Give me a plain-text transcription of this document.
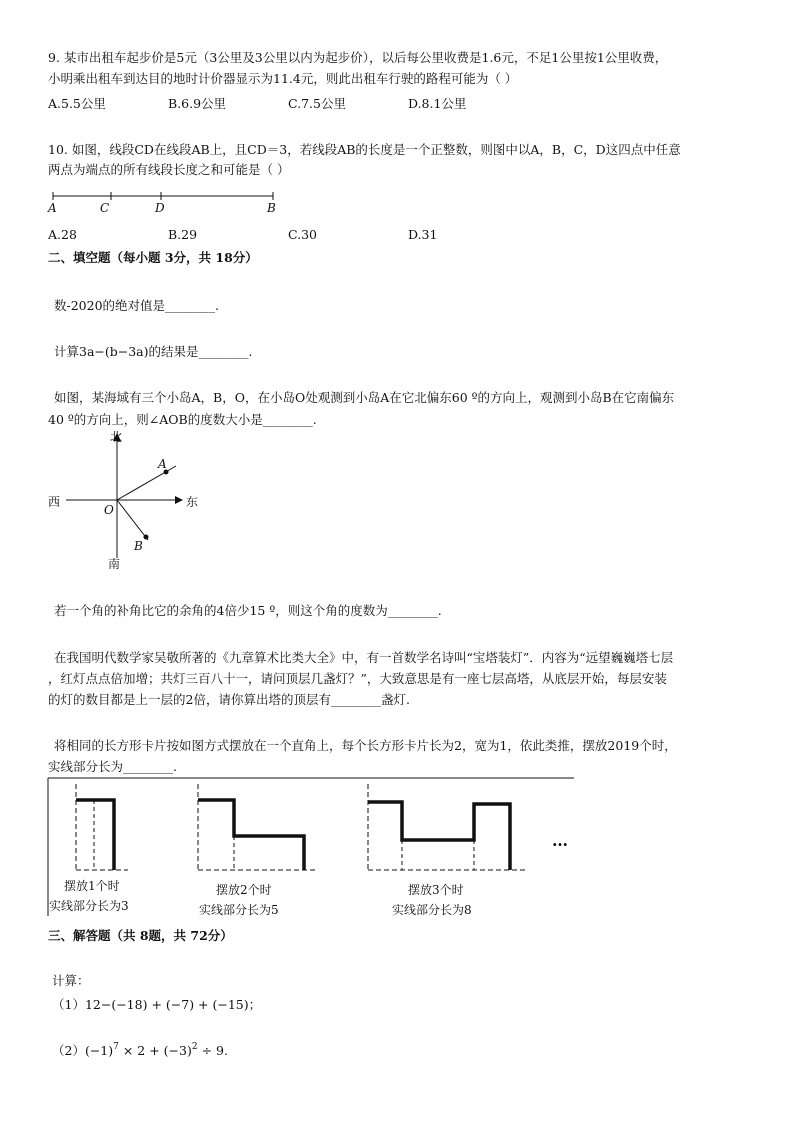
9. 某市出租车起步价是5元（3公里及3公里以内为起步价），以后每公里收费是1.6元，不足1公里按1公里收费，
小明乘出租车到达目的地时计价器显示为11.4元，则此出租车行驶的路程可能为（ ）
A.5.5公里	B.6.9公里	C.7.5公里	D.8.1公里
10. 如图，线段CD在线段AB上，且CD＝3，若线段AB的长度是一个正整数，则图中以A，B，C，D这四点中任意
两点为端点的所有线段长度之和可能是（ ）
A	C	D	B
A.28	B.29	C.30	D.31
二、填空题（每小题 3分，共 18分）
数-2020的绝对值是________.
计算3a−(b−3a)的结果是________.
如图，某海域有三个小岛A，B，O，在小岛O处观测到小岛A在它北偏东60 º的方向上，观测到小岛B在它南偏东
40 º的方向上，则∠AOB的度数大小是________.
北
南
东
西
O
A
B
若一个角的补角比它的余角的4倍少15 º，则这个角的度数为________.
在我国明代数学家吴敬所著的《九章算术比类大全》中，有一首数学名诗叫“宝塔装灯”．内容为“远望巍巍塔七层
，红灯点点倍加增；共灯三百八十一，请问顶层几盏灯？”，大致意思是有一座七层高塔，从底层开始，每层安装
的灯的数目都是上一层的2倍，请你算出塔的顶层有________盏灯.
将相同的长方形卡片按如图方式摆放在一个直角上，每个长方形卡片长为2，宽为1，依此类推，摆放2019个时，
实线部分长为________.
…
摆放1个时
实线部分长为3
摆放2个时
实线部分长为5
摆放3个时
实线部分长为8
三、解答题（共 8题，共 72分）
计算：
（1）12−(−18) + (−7) + (−15)；
$(2)(-1)^7 \times 2 + (-3)^2 \div 9$.
